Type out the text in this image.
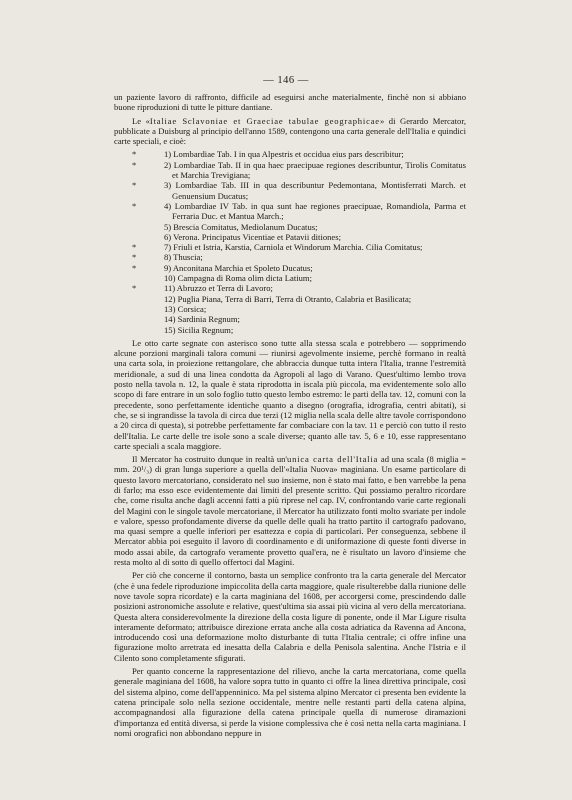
— 146 —

un paziente lavoro di raffronto, difficile ad eseguirsi anche materialmente, finchè non si abbiano buone riproduzioni di tutte le pitture dantiane.

Le «Italiae Sclavoniae et Graeciae tabulae geographicae» di Gerardo Mercator, pubblicate a Duisburg al principio dell'anno 1589, contengono una carta generale dell'Italia e quindici carte speciali, e cioè:

*	1) Lombardiae Tab. I in qua Alpestris et occidua eius pars describitur;
*	2) Lombardiae Tab. II in qua haec praecipuae regiones describuntur, Tirolis Comitatus et Marchia Trevigiana;
*	3) Lombardiae Tab. III in qua describuntur Pedemontana, Montisferrati March. et Genuensium Ducatus;
*	4) Lombardiae IV Tab. in qua sunt hae regiones praecipuae, Romandiola, Parma et Ferraria Duc. et Mantua March.;
5) Brescia Comitatus, Mediolanum Ducatus;
6) Verona. Principatus Vicentiae et Patavii ditiones;
*	7) Friuli et Istria, Karstia, Carniola et Windorum Marchia. Cilia Comitatus;
*	8) Thuscia;
*	9) Anconitana Marchia et Spoleto Ducatus;
10) Campagna di Roma olim dicta Latium;
*	11) Abruzzo et Terra di Lavoro;
12) Puglia Piana, Terra di Barri, Terra di Otranto, Calabria et Basilicata;
13) Corsica;
14) Sardinia Regnum;
15) Sicilia Regnum;

Le otto carte segnate con asterisco sono tutte alla stessa scala e potrebbero — sopprimendo alcune porzioni marginali talora comuni — riunirsi agevolmente insieme, perchè formano in realtà una carta sola, in proiezione rettangolare, che abbraccia dunque tutta intera l'Italia, tranne l'estremità meridionale, a sud di una linea condotta da Agropoli al lago di Varano. Quest'ultimo lembo trova posto nella tavola n. 12, la quale è stata riprodotta in iscala più piccola, ma evidentemente solo allo scopo di fare entrare in un solo foglio tutto questo lembo estremo: le parti della tav. 12, comuni con la precedente, sono perfettamente identiche quanto a disegno (orografia, idrografia, centri abitati), si che, se si ingrandisse la tavola di circa due terzi (12 miglia nella scala delle altre tavole corrispondono a 20 circa di questa), si potrebbe perfettamente far combaciare con la tav. 11 e perciò con tutto il resto dell'Italia. Le carte delle tre isole sono a scale diverse; quanto alle tav. 5, 6 e 10, esse rappresentano carte speciali a scala maggiore.

Il Mercator ha costruito dunque in realtà un'unica carta dell'Italia ad una scala (8 miglia = mm. 20¹/₃) di gran lunga superiore a quella dell'«Italia Nuova» maginiana. Un esame particolare di questo lavoro mercatoriano, considerato nel suo insieme, non è stato mai fatto, e ben varrebbe la pena di farlo; ma esso esce evidentemente dai limiti del presente scritto. Qui possiamo peraltro ricordare che, come risulta anche dagli accenni fatti a più riprese nel cap. IV, confrontando varie carte regionali del Magini con le singole tavole mercatoriane, il Mercator ha utilizzato fonti molto svariate per indole e valore, spesso profondamente diverse da quelle delle quali ha tratto partito il cartografo padovano, ma quasi sempre a quelle inferiori per esattezza e copia di particolari. Per conseguenza, sebbene il Mercator abbia poi eseguito il lavoro di coordinamento e di uniformazione di queste fonti diverse in modo assai abile, da cartografo veramente provetto qual'era, ne è risultato un lavoro d'insieme che resta molto al di sotto di quello offertoci dal Magini.

Per ciò che concerne il contorno, basta un semplice confronto tra la carta generale del Mercator (che è una fedele riproduzione impiccolita della carta maggiore, quale risulterebbe dalla riunione delle nove tavole sopra ricordate) e la carta maginiana del 1608, per accorgersi come, prescindendo dalle posizioni astronomiche assolute e relative, quest'ultima sia assai più vicina al vero della mercatoriana. Questa altera considerevolmente la direzione della costa ligure di ponente, onde il Mar Ligure risulta interamente deformato; attribuisce direzione errata anche alla costa adriatica da Ravenna ad Ancona, introducendo così una deformazione molto disturbante di tutta l'Italia centrale; ci offre infine una figurazione molto arretrata ed inesatta della Calabria e della Penisola salentina. Anche l'Istria e il Cilento sono completamente sfigurati.

Per quanto concerne la rappresentazione del rilievo, anche la carta mercatoriana, come quella generale maginiana del 1608, ha valore sopra tutto in quanto ci offre la linea direttiva principale, così del sistema alpino, come dell'appenninico. Ma pel sistema alpino Mercator ci presenta ben evidente la catena principale solo nella sezione occidentale, mentre nelle restanti parti della catena alpina, accompagnandosi alla figurazione della catena principale quella di numerose diramazioni d'importanza ed entità diversa, si perde la visione complessiva che è così netta nella carta maginiana. I nomi orografici non abbondano neppure in
